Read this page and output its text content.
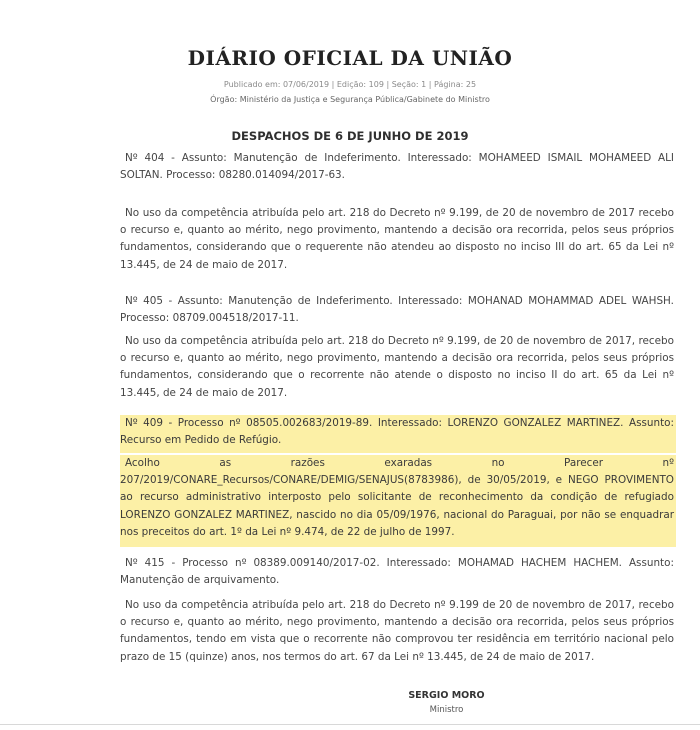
DIÁRIO OFICIAL DA UNIÃO
Publicado em: 07/06/2019 | Edição: 109 | Seção: 1 | Página: 25
Órgão: Ministério da Justiça e Segurança Pública/Gabinete do Ministro
DESPACHOS DE 6 DE JUNHO DE 2019

Nº 404 - Assunto: Manutenção de Indeferimento. Interessado: MOHAMEED ISMAIL MOHAMEED ALI SOLTAN. Processo: 08280.014094/2017-63.

No uso da competência atribuída pelo art. 218 do Decreto nº 9.199, de 20 de novembro de 2017 recebo o recurso e, quanto ao mérito, nego provimento, mantendo a decisão ora recorrida, pelos seus próprios fundamentos, considerando que o requerente não atendeu ao disposto no inciso III do art. 65 da Lei nº 13.445, de 24 de maio de 2017.

Nº 405 - Assunto: Manutenção de Indeferimento. Interessado: MOHANAD MOHAMMAD ADEL WAHSH. Processo: 08709.004518/2017-11.

No uso da competência atribuída pelo art. 218 do Decreto nº 9.199, de 20 de novembro de 2017, recebo o recurso e, quanto ao mérito, nego provimento, mantendo a decisão ora recorrida, pelos seus próprios fundamentos, considerando que o recorrente não atende o disposto no inciso II do art. 65 da Lei nº 13.445, de 24 de maio de 2017.

Nº 409 - Processo nº 08505.002683/2019-89. Interessado: LORENZO GONZALEZ MARTINEZ. Assunto: Recurso em Pedido de Refúgio.

Acolho as razões exaradas no Parecer nº 207/2019/CONARE_Recursos/CONARE/DEMIG/SENAJUS(8783986), de 30/05/2019, e NEGO PROVIMENTO ao recurso administrativo interposto pelo solicitante de reconhecimento da condição de refugiado LORENZO GONZALEZ MARTINEZ, nascido no dia 05/09/1976, nacional do Paraguai, por não se enquadrar nos preceitos do art. 1º da Lei nº 9.474, de 22 de julho de 1997.

Nº 415 - Processo nº 08389.009140/2017-02. Interessado: MOHAMAD HACHEM HACHEM. Assunto: Manutenção de arquivamento.

No uso da competência atribuída pelo art. 218 do Decreto nº 9.199 de 20 de novembro de 2017, recebo o recurso e, quanto ao mérito, nego provimento, mantendo a decisão ora recorrida, pelos seus próprios fundamentos, tendo em vista que o recorrente não comprovou ter residência em território nacional pelo prazo de 15 (quinze) anos, nos termos do art. 67 da Lei nº 13.445, de 24 de maio de 2017.

SERGIO MORO
Ministro
